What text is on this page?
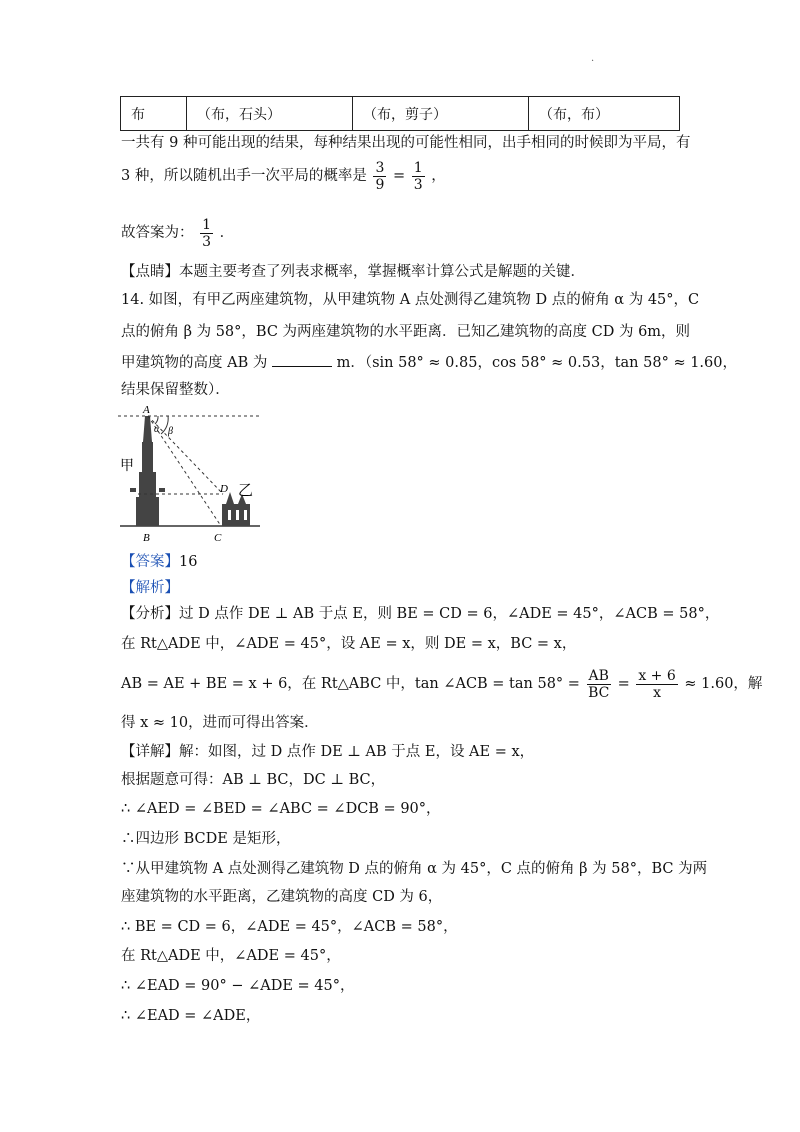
·
布	（布，石头）	（布，剪子）	（布，布）
一共有 9 种可能出现的结果，每种结果出现的可能性相同，出手相同的时候即为平局，有
3 种，所以随机出手一次平局的概率是 $\frac{3}{9} = \frac{1}{3}$ ，
故答案为： $\frac{1}{3}$ ．
【点睛】本题主要考查了列表求概率，掌握概率计算公式是解题的关键．
14. 如图，有甲乙两座建筑物，从甲建筑物 A 点处测得乙建筑物 D 点的俯角 α 为 45°，C
点的俯角 β 为 58°，BC 为两座建筑物的水平距离．已知乙建筑物的高度 CD 为 6m，则
甲建筑物的高度 AB 为	m．（sin 58° ≈ 0.85，cos 58° ≈ 0.53，tan 58° ≈ 1.60，
结果保留整数）．
A
α β
甲
D 乙
B	C
【答案】16
【解析】
【分析】过 D 点作 DE ⊥ AB 于点 E，则 BE = CD = 6，∠ADE = 45°，∠ACB = 58°，
在 Rt△ADE 中，∠ADE = 45°，设 AE = x，则 DE = x，BC = x，
AB = AE + BE = x + 6，在 Rt△ABC 中，tan ∠ACB = $\tan 58^\circ = \frac{AB}{BC} = \frac{x + 6}{x} \approx 1.60$，解
得 x ≈ 10，进而可得出答案．
【详解】解：如图，过 D 点作 DE ⊥ AB 于点 E，设 AE = x，
根据题意可得：AB ⊥ BC，DC ⊥ BC，
∴ ∠AED = ∠BED = ∠ABC = ∠DCB = 90°，
∴四边形 BCDE 是矩形，
∵从甲建筑物 A 点处测得乙建筑物 D 点的俯角 α 为 45°，C 点的俯角 β 为 58°，BC 为两
座建筑物的水平距离，乙建筑物的高度 CD 为 6，
∴ BE = CD = 6，∠ADE = 45°，∠ACB = 58°，
在 Rt△ADE 中，∠ADE = 45°，
∴ ∠EAD = 90° − ∠ADE = 45°，
∴ ∠EAD = ∠ADE，
